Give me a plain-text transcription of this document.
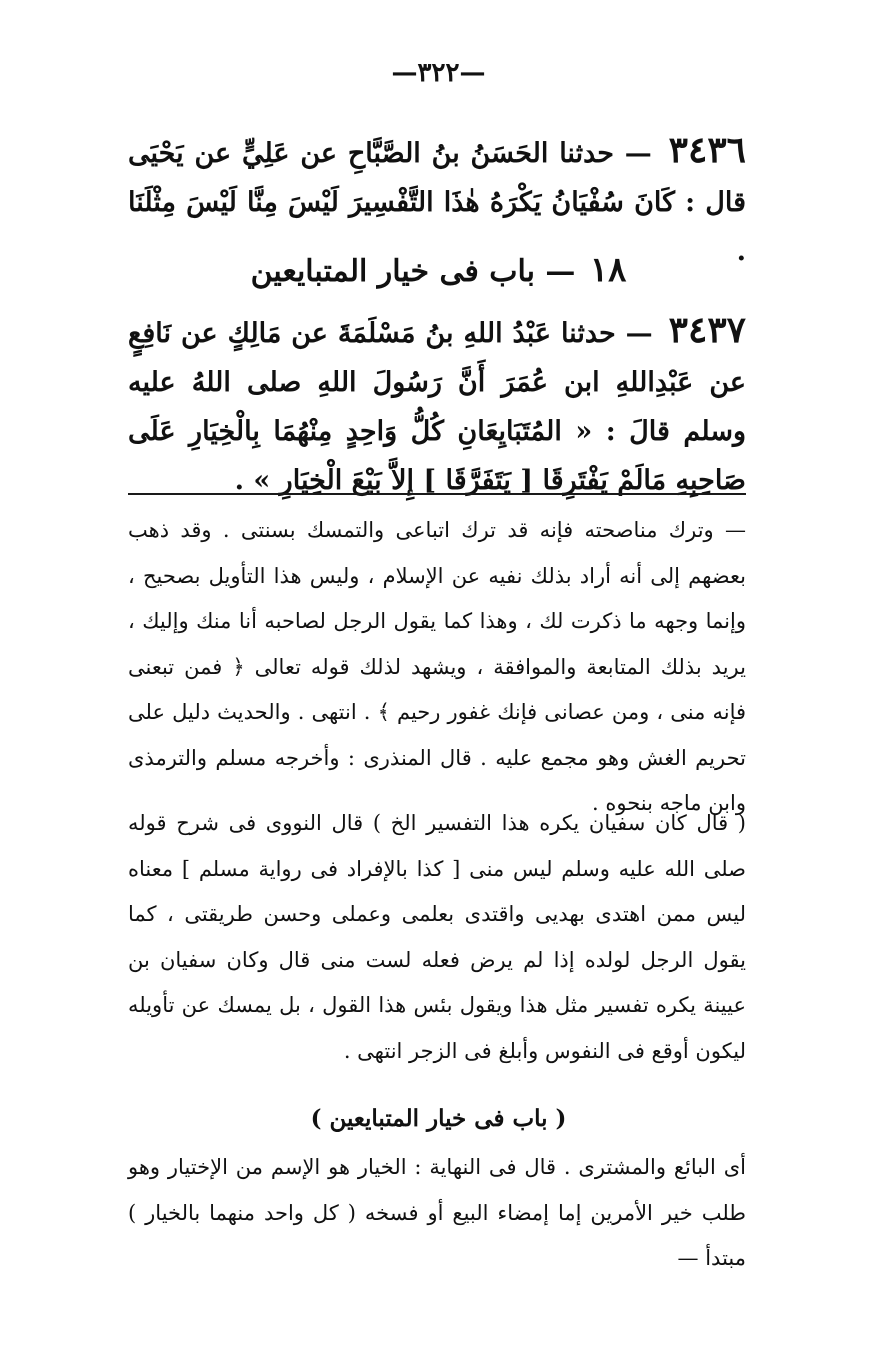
—٣٢٢—
٣٤٣٦ — حدثنا الحَسَنُ بنُ الصَّبَّاحِ عن عَلِيٍّ عن يَحْيَى قال : كَانَ سُفْيَانُ يَكْرَهُ هٰذَا التَّفْسِيرَ لَيْسَ مِنَّا لَيْسَ مِثْلَنَا .
١٨ — باب فى خيار المتبايعين
٣٤٣٧ — حدثنا عَبْدُ اللهِ بنُ مَسْلَمَةَ عن مَالِكٍ عن نَافِعٍ عن عَبْدِاللهِ ابن عُمَرَ أَنَّ رَسُولَ اللهِ صلى اللهُ عليه وسلم قالَ : « المُتَبَايِعَانِ كُلُّ وَاحِدٍ مِنْهُمَا بِالْخِيَارِ عَلَى صَاحِبِهِ مَالَمْ يَفْتَرِقَا [ يَتَفَرَّقَا ] إِلاَّ بَيْعَ الْخِيَارِ » .
— وترك مناصحته فإنه قد ترك اتباعى والتمسك بسنتى . وقد ذهب بعضهم إلى أنه أراد بذلك نفيه عن الإسلام ، وليس هذا التأويل بصحيح ، وإنما وجهه ما ذكرت لك ، وهذا كما يقول الرجل لصاحبه أنا منك وإليك ، يريد بذلك المتابعة والموافقة ، ويشهد لذلك قوله تعالى ﴿ فمن تبعنى فإنه منى ، ومن عصانى فإنك غفور رحيم ﴾ . انتهى . والحديث دليل على تحريم الغش وهو مجمع عليه . قال المنذرى : وأخرجه مسلم والترمذى وابن ماجه بنحوه .
( قال كان سفيان يكره هذا التفسير الخ ) قال النووى فى شرح قوله صلى الله عليه وسلم ليس منى [ كذا بالإفراد فى رواية مسلم ] معناه ليس ممن اهتدى بهديى واقتدى بعلمى وعملى وحسن طريقتى ، كما يقول الرجل لولده إذا لم يرض فعله لست منى قال وكان سفيان بن عيينة يكره تفسير مثل هذا ويقول بئس هذا القول ، بل يمسك عن تأويله ليكون أوقع فى النفوس وأبلغ فى الزجر انتهى .
( باب فى خيار المتبايعين )
أى البائع والمشترى . قال فى النهاية : الخيار هو الإسم من الإختيار وهو طلب خير الأمرين إما إمضاء البيع أو فسخه ( كل واحد منهما بالخيار ) مبتدأ —
